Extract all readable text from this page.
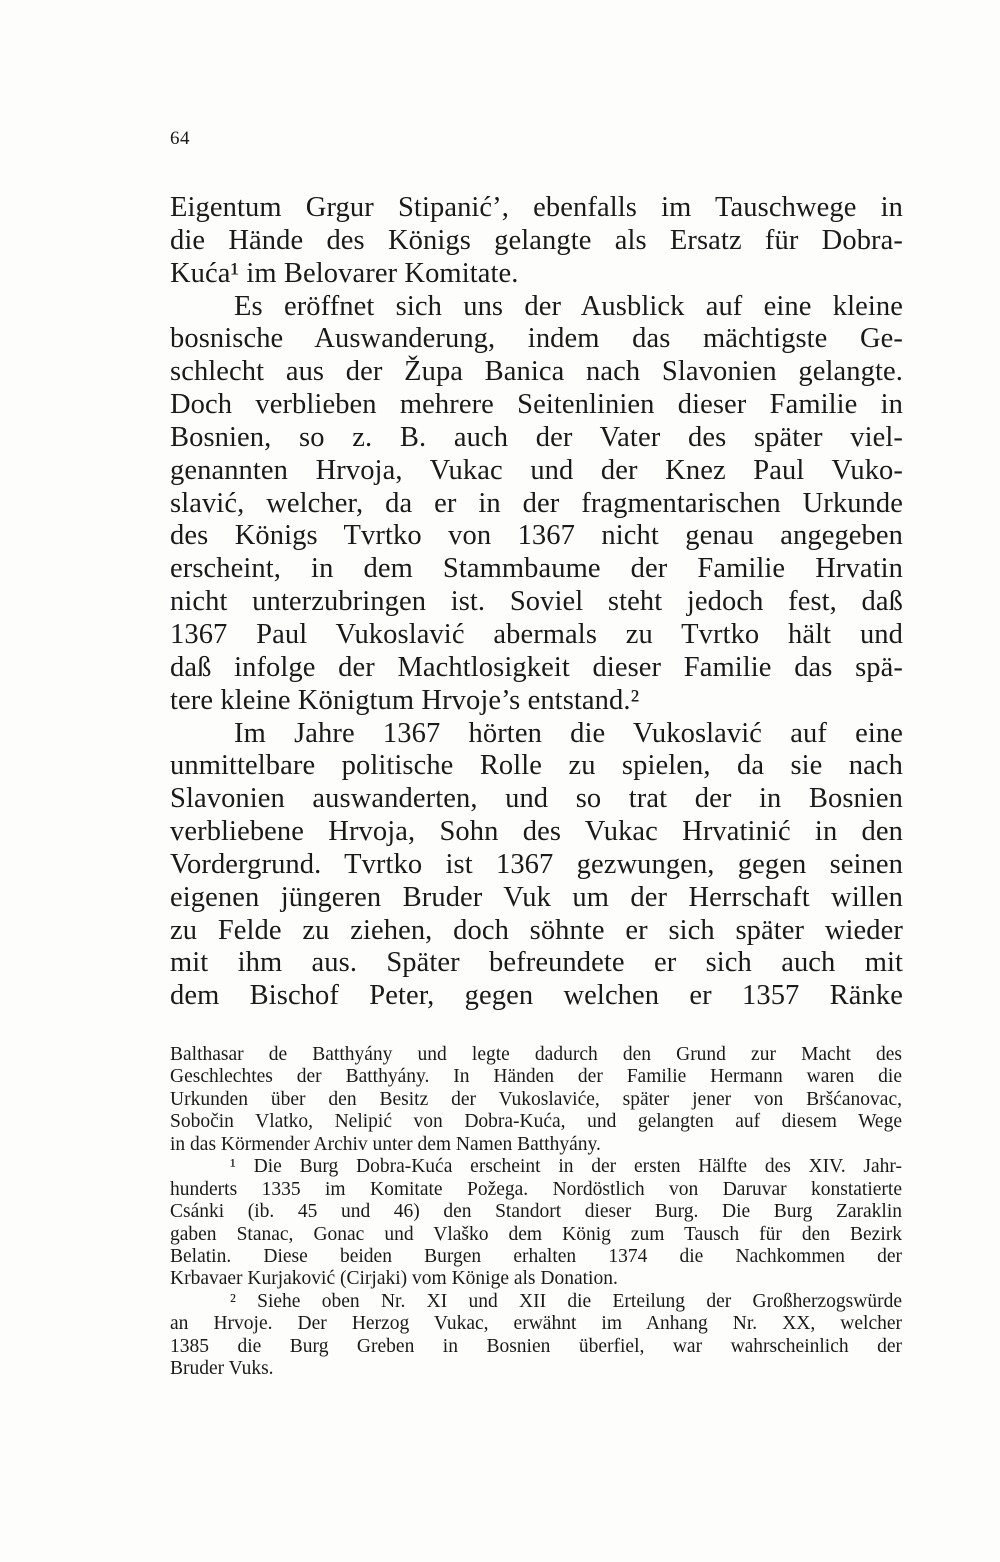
64
Eigentum Grgur Stipanić’, ebenfalls im Tauschwege in
die Hände des Königs gelangte als Ersatz für Dobra-
Kuća¹ im Belovarer Komitate.
Es eröffnet sich uns der Ausblick auf eine kleine
bosnische Auswanderung, indem das mächtigste Ge-
schlecht aus der Župa Banica nach Slavonien gelangte.
Doch verblieben mehrere Seitenlinien dieser Familie in
Bosnien, so z. B. auch der Vater des später viel-
genannten Hrvoja, Vukac und der Knez Paul Vuko-
slavić, welcher, da er in der fragmentarischen Urkunde
des Königs Tvrtko von 1367 nicht genau angegeben
erscheint, in dem Stammbaume der Familie Hrvatin
nicht unterzubringen ist. Soviel steht jedoch fest, daß
1367 Paul Vukoslavić abermals zu Tvrtko hält und
daß infolge der Machtlosigkeit dieser Familie das spä-
tere kleine Königtum Hrvoje’s entstand.²
Im Jahre 1367 hörten die Vukoslavić auf eine
unmittelbare politische Rolle zu spielen, da sie nach
Slavonien auswanderten, und so trat der in Bosnien
verbliebene Hrvoja, Sohn des Vukac Hrvatinić in den
Vordergrund. Tvrtko ist 1367 gezwungen, gegen seinen
eigenen jüngeren Bruder Vuk um der Herrschaft willen
zu Felde zu ziehen, doch söhnte er sich später wieder
mit ihm aus. Später befreundete er sich auch mit
dem Bischof Peter, gegen welchen er 1357 Ränke
Balthasar de Batthyány und legte dadurch den Grund zur Macht des
Geschlechtes der Batthyány. In Händen der Familie Hermann waren die
Urkunden über den Besitz der Vukoslaviće, später jener von Bršćanovac,
Sobočin Vlatko, Nelipić von Dobra-Kuća, und gelangten auf diesem Wege
in das Körmender Archiv unter dem Namen Batthyány.
¹ Die Burg Dobra-Kuća erscheint in der ersten Hälfte des XIV. Jahr-
hunderts 1335 im Komitate Požega. Nordöstlich von Daruvar konstatierte
Csánki (ib. 45 und 46) den Standort dieser Burg. Die Burg Zaraklin
gaben Stanac, Gonac und Vlaško dem König zum Tausch für den Bezirk
Belatin. Diese beiden Burgen erhalten 1374 die Nachkommen der
Krbavaer Kurjaković (Cirjaki) vom Könige als Donation.
² Siehe oben Nr. XI und XII die Erteilung der Großherzogswürde
an Hrvoje. Der Herzog Vukac, erwähnt im Anhang Nr. XX, welcher
1385 die Burg Greben in Bosnien überfiel, war wahrscheinlich der
Bruder Vuks.
